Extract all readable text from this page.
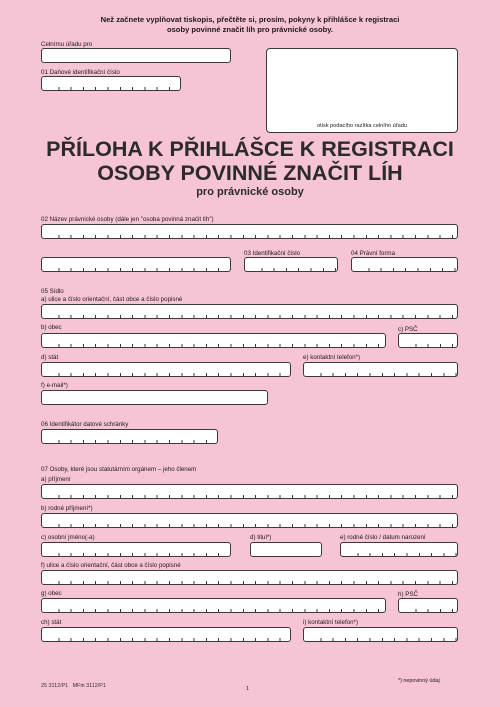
Než začnete vyplňovat tiskopis, přečtěte si, prosím, pokyny k přihlášce k registraci osoby povinné značit líh pro právnické osoby.
Celnímu úřadu pro
01 Daňové identifikační číslo
otisk podacího razítka celního úřadu
PŘÍLOHA K PŘIHLÁŠCE K REGISTRACI
OSOBY POVINNÉ ZNAČIT LÍH
pro právnické osoby
02 Název právnické osoby (dále jen "osoba povinná značit líh")
03 Identifikační číslo	04 Právní forma
05 Sídlo
a) ulice a číslo orientační, část obce a číslo popisné
b) obec	c) PSČ
d) stát	e) kontaktní telefon*)
f) e-mail*)
06 Identifikátor datové schránky
07 Osoby, které jsou statutárním orgánem – jeho členem
a) příjmení
b) rodné příjmení*)
c) osobní jméno(-a)	d) titul*)	e) rodné číslo / datum narození
f) ulice a číslo orientační, část obce a číslo popisné
g) obec	h) PSČ
ch) stát	i) kontaktní telefon*)
*) nepovinný údaj
25 3112/P1   MFin 3112/P1	1
